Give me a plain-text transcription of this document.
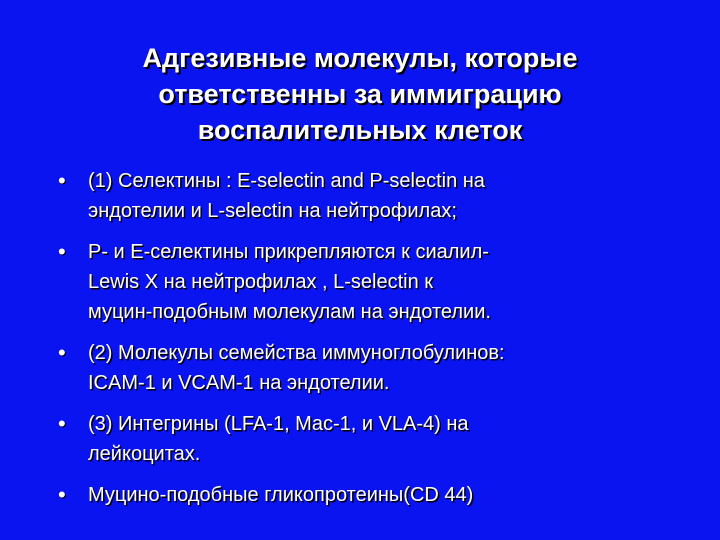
Адгезивные молекулы, которые
ответственны за иммиграцию
воспалительных клеток
• (1) Селектины : E-selectin and P-selectin на
эндотелии и L-selectin на нейтрофилах;
• P- и E-селектины прикрепляются к сиалил-
Lewis X на нейтрофилах , L-selectin к
муцин-подобным молекулам на эндотелии.
• (2) Молекулы семейства иммуноглобулинов:
ICAM-1 и VCAM-1 на эндотелии.
• (3) Интегрины (LFA-1, Mac-1, и VLA-4) на
лейкоцитах.
• Муцино-подобные гликопротеины(CD 44)
